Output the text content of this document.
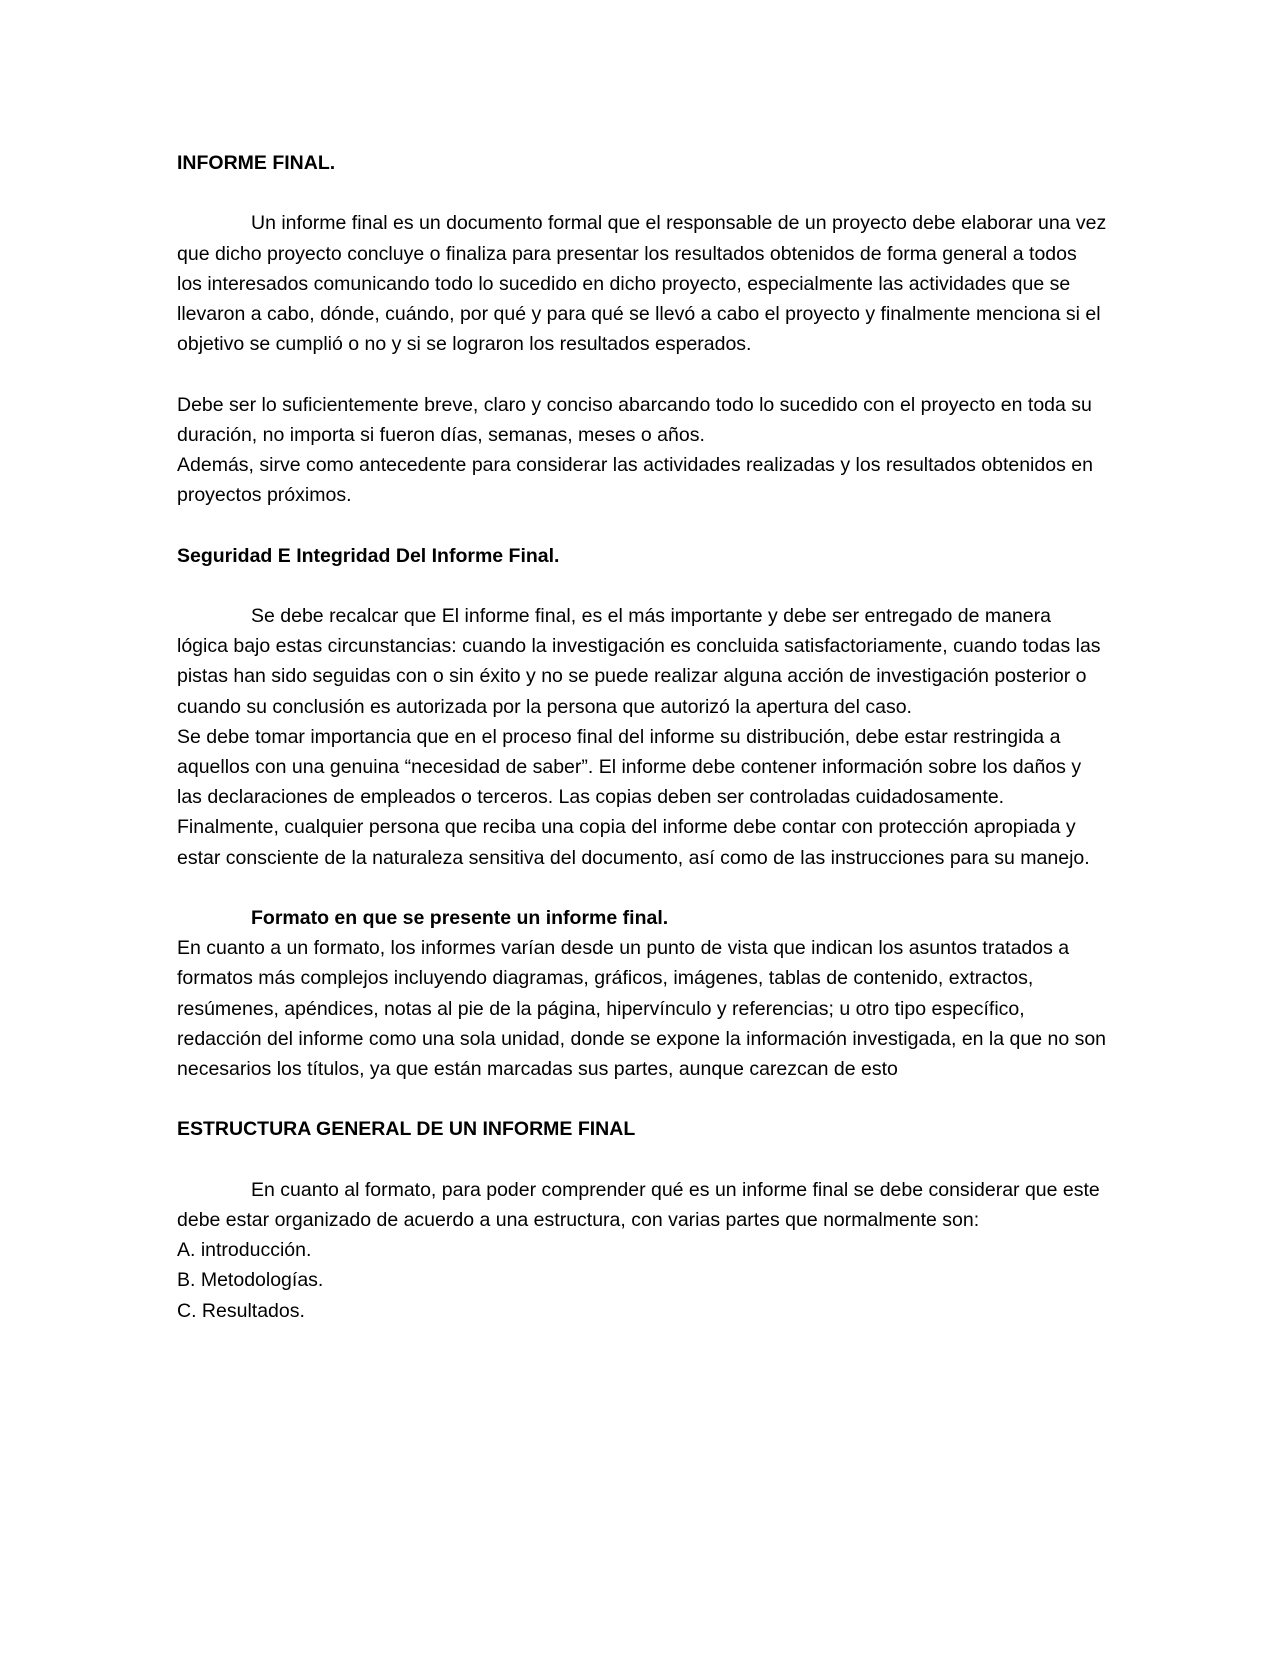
INFORME FINAL.

Un informe final es un documento formal que el responsable de un proyecto debe elaborar una vez que dicho proyecto concluye o finaliza para presentar los resultados obtenidos de forma general a todos los interesados comunicando todo lo sucedido en dicho proyecto, especialmente las actividades que se llevaron a cabo, dónde, cuándo, por qué y para qué se llevó a cabo el proyecto y finalmente menciona si el objetivo se cumplió o no y si se lograron los resultados esperados.

Debe ser lo suficientemente breve, claro y conciso abarcando todo lo sucedido con el proyecto en toda su duración, no importa si fueron días, semanas, meses o años.

Además, sirve como antecedente para considerar las actividades realizadas y los resultados obtenidos en proyectos próximos.

Seguridad E Integridad Del Informe Final.

Se debe recalcar que El informe final, es el más importante y debe ser entregado de manera lógica bajo estas circunstancias: cuando la investigación es concluida satisfactoriamente, cuando todas las pistas han sido seguidas con o sin éxito y no se puede realizar alguna acción de investigación posterior o cuando su conclusión es autorizada por la persona que autorizó la apertura del caso.

Se debe tomar importancia que en el proceso final del informe su distribución, debe estar restringida a aquellos con una genuina “necesidad de saber”. El informe debe contener información sobre los daños y las declaraciones de empleados o terceros. Las copias deben ser controladas cuidadosamente. Finalmente, cualquier persona que reciba una copia del informe debe contar con protección apropiada y estar consciente de la naturaleza sensitiva del documento, así como de las instrucciones para su manejo.

Formato en que se presente un informe final.

En cuanto a un formato, los informes varían desde un punto de vista que indican los asuntos tratados a formatos más complejos incluyendo diagramas, gráficos, imágenes, tablas de contenido, extractos, resúmenes, apéndices, notas al pie de la página, hipervínculo y referencias; u otro tipo específico, redacción del informe como una sola unidad, donde se expone la información investigada, en la que no son necesarios los títulos, ya que están marcadas sus partes, aunque carezcan de esto

ESTRUCTURA GENERAL DE UN INFORME FINAL

En cuanto al formato, para poder comprender qué es un informe final se debe considerar que este debe estar organizado de acuerdo a una estructura, con varias partes que normalmente son:

A. introducción.

B. Metodologías.

C. Resultados.
